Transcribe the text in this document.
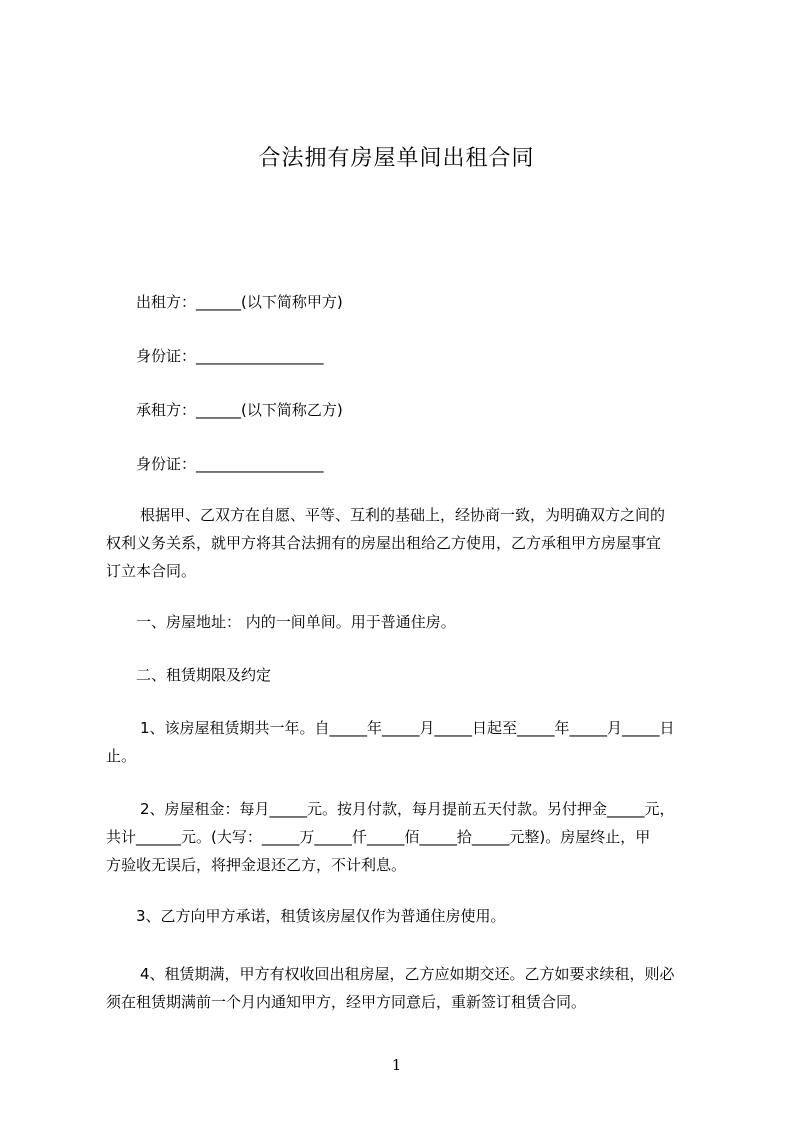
合法拥有房屋单间出租合同
出租方：______(以下简称甲方)
身份证：_________________
承租方：______(以下简称乙方)
身份证：_________________
根据甲、乙双方在自愿、平等、互利的基础上，经协商一致，为明确双方之间的
权利义务关系，就甲方将其合法拥有的房屋出租给乙方使用，乙方承租甲方房屋事宜
订立本合同。
一、房屋地址： 内的一间单间。用于普通住房。
二、租赁期限及约定
1、该房屋租赁期共一年。自_____年_____月_____日起至_____年_____月_____日
止。
2、房屋租金：每月_____元。按月付款，每月提前五天付款。另付押金_____元，
共计______元。(大写：_____万_____仟_____佰_____拾_____元整)。房屋终止，甲
方验收无误后，将押金退还乙方，不计利息。
3、乙方向甲方承诺，租赁该房屋仅作为普通住房使用。
4、租赁期满，甲方有权收回出租房屋，乙方应如期交还。乙方如要求续租，则必
须在租赁期满前一个月内通知甲方，经甲方同意后，重新签订租赁合同。
1
